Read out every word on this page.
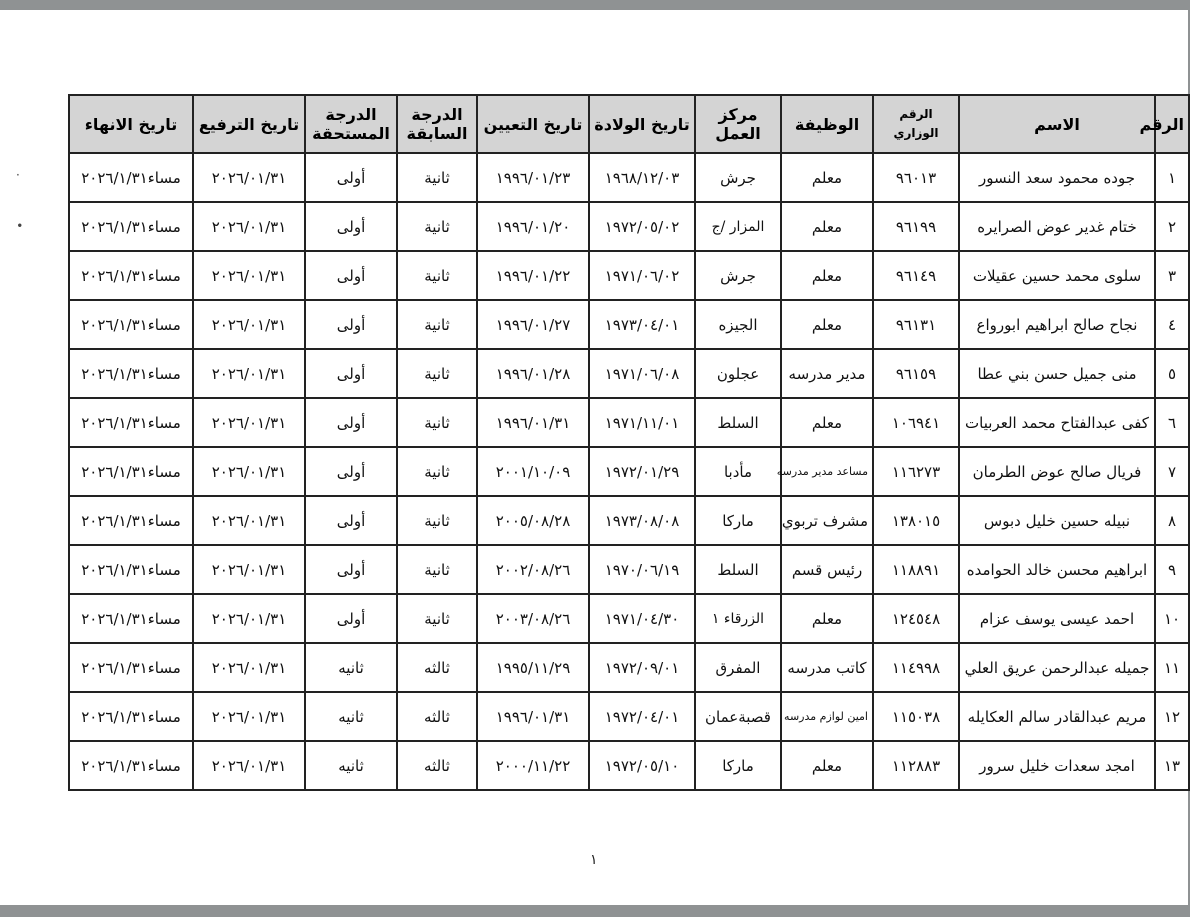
·
∙
الرقم	الاسم	الرقم الوزاري	الوظيفة	مركز العمل	تاريخ الولادة	تاريخ التعيين	الدرجة السابقة	الدرجة المستحقة	تاريخ الترفيع	تاريخ الانهاء
١	جوده محمود سعد النسور	٩٦٠١٣	معلم	جرش	١٩٦٨/١٢/٠٣	١٩٩٦/٠١/٢٣	ثانية	أولى	٢٠٢٦/٠١/٣١	مساء٢٠٢٦/١/٣١
٢	ختام غدير عوض الصرايره	٩٦١٩٩	معلم	المزار /ج	١٩٧٢/٠٥/٠٢	١٩٩٦/٠١/٢٠	ثانية	أولى	٢٠٢٦/٠١/٣١	مساء٢٠٢٦/١/٣١
٣	سلوى محمد حسين عقيلات	٩٦١٤٩	معلم	جرش	١٩٧١/٠٦/٠٢	١٩٩٦/٠١/٢٢	ثانية	أولى	٢٠٢٦/٠١/٣١	مساء٢٠٢٦/١/٣١
٤	نجاح صالح ابراهيم ابورواع	٩٦١٣١	معلم	الجيزه	١٩٧٣/٠٤/٠١	١٩٩٦/٠١/٢٧	ثانية	أولى	٢٠٢٦/٠١/٣١	مساء٢٠٢٦/١/٣١
٥	منى جميل حسن بني عطا	٩٦١٥٩	مدير مدرسه	عجلون	١٩٧١/٠٦/٠٨	١٩٩٦/٠١/٢٨	ثانية	أولى	٢٠٢٦/٠١/٣١	مساء٢٠٢٦/١/٣١
٦	كفى عبدالفتاح محمد العربيات	١٠٦٩٤١	معلم	السلط	١٩٧١/١١/٠١	١٩٩٦/٠١/٣١	ثانية	أولى	٢٠٢٦/٠١/٣١	مساء٢٠٢٦/١/٣١
٧	فريال صالح عوض الطرمان	١١٦٢٧٣	مساعد مدير مدرسه	مأدبا	١٩٧٢/٠١/٢٩	٢٠٠١/١٠/٠٩	ثانية	أولى	٢٠٢٦/٠١/٣١	مساء٢٠٢٦/١/٣١
٨	نبيله حسين خليل دبوس	١٣٨٠١٥	مشرف تربوي	ماركا	١٩٧٣/٠٨/٠٨	٢٠٠٥/٠٨/٢٨	ثانية	أولى	٢٠٢٦/٠١/٣١	مساء٢٠٢٦/١/٣١
٩	ابراهيم محسن خالد الحوامده	١١٨٨٩١	رئيس قسم	السلط	١٩٧٠/٠٦/١٩	٢٠٠٢/٠٨/٢٦	ثانية	أولى	٢٠٢٦/٠١/٣١	مساء٢٠٢٦/١/٣١
١٠	احمد عيسى يوسف عزام	١٢٤٥٤٨	معلم	الزرقاء ١	١٩٧١/٠٤/٣٠	٢٠٠٣/٠٨/٢٦	ثانية	أولى	٢٠٢٦/٠١/٣١	مساء٢٠٢٦/١/٣١
١١	جميله عبدالرحمن عريق العلي	١١٤٩٩٨	كاتب مدرسه	المفرق	١٩٧٢/٠٩/٠١	١٩٩٥/١١/٢٩	ثالثه	ثانيه	٢٠٢٦/٠١/٣١	مساء٢٠٢٦/١/٣١
١٢	مريم عبدالقادر سالم العكايله	١١٥٠٣٨	امين لوازم مدرسه	قصبةعمان	١٩٧٢/٠٤/٠١	١٩٩٦/٠١/٣١	ثالثه	ثانيه	٢٠٢٦/٠١/٣١	مساء٢٠٢٦/١/٣١
١٣	امجد سعدات خليل سرور	١١٢٨٨٣	معلم	ماركا	١٩٧٢/٠٥/١٠	٢٠٠٠/١١/٢٢	ثالثه	ثانيه	٢٠٢٦/٠١/٣١	مساء٢٠٢٦/١/٣١
١
